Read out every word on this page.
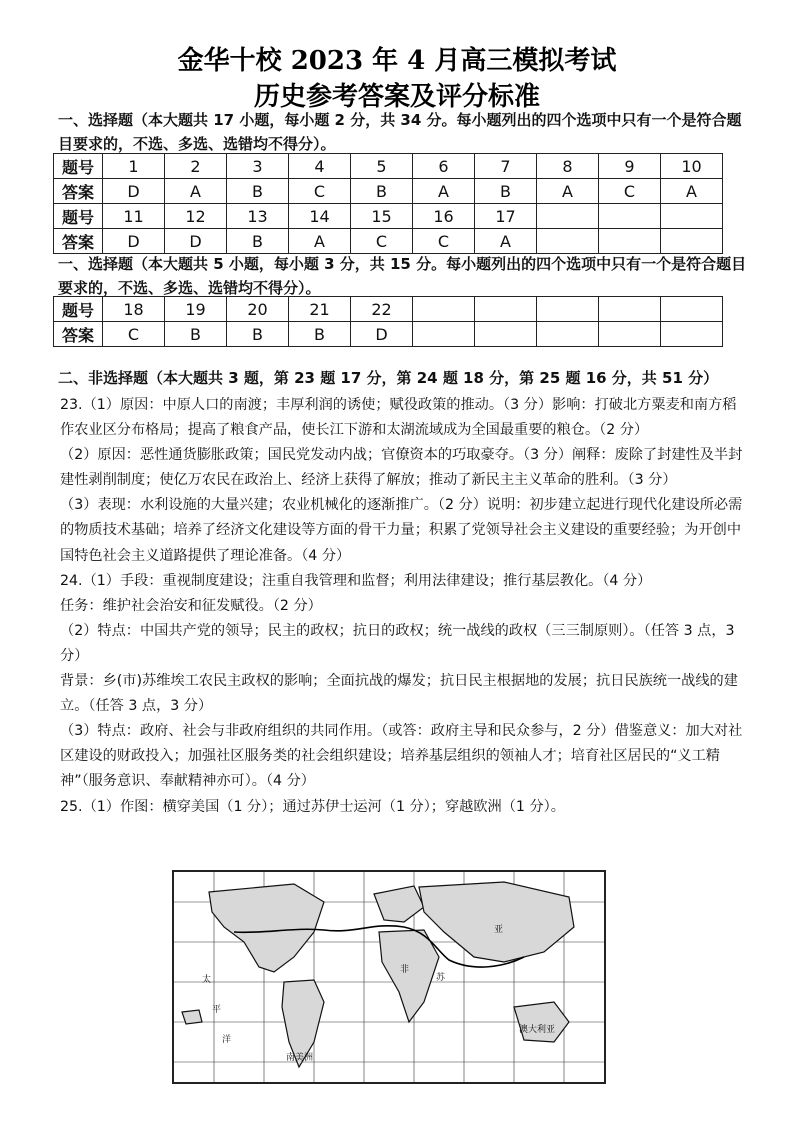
金华十校 2023 年 4 月高三模拟考试
历史参考答案及评分标准
一、选择题（本大题共 17 小题，每小题 2 分，共 34 分。每小题列出的四个选项中只有一个是符合题目要求的，不选、多选、选错均不得分）。
题号	1	2	3	4	5	6	7	8	9	10
答案	D	A	B	C	B	A	B	A	C	A
题号	11	12	13	14	15	16	17			
答案	D	D	B	A	C	C	A			
一、选择题（本大题共 5 小题，每小题 3 分，共 15 分。每小题列出的四个选项中只有一个是符合题目要求的，不选、多选、选错均不得分）。
题号	18	19	20	21	22					
答案	C	B	B	B	D					
二、非选择题（本大题共 3 题，第 23 题 17 分，第 24 题 18 分，第 25 题 16 分，共 51 分）

23.（1）原因：中原人口的南渡；丰厚利润的诱使；赋役政策的推动。（3 分）影响：打破北方粟麦和南方稻作农业区分布格局；提高了粮食产品，使长江下游和太湖流域成为全国最重要的粮仓。（2 分）

（2）原因：恶性通货膨胀政策；国民党发动内战；官僚资本的巧取豪夺。（3 分）阐释：废除了封建性及半封建性剥削制度；使亿万农民在政治上、经济上获得了解放；推动了新民主主义革命的胜利。（3 分）

（3）表现：水利设施的大量兴建；农业机械化的逐渐推广。（2 分）说明：初步建立起进行现代化建设所必需的物质技术基础；培养了经济文化建设等方面的骨干力量；积累了党领导社会主义建设的重要经验；为开创中国特色社会主义道路提供了理论准备。（4 分）

24.（1）手段：重视制度建设；注重自我管理和监督；利用法律建设；推行基层教化。（4 分）

任务：维护社会治安和征发赋役。（2 分）

（2）特点：中国共产党的领导；民主的政权；抗日的政权；统一战线的政权（三三制原则）。（任答 3 点，3 分）

背景：乡(市)苏维埃工农民主政权的影响；全面抗战的爆发；抗日民主根据地的发展；抗日民族统一战线的建立。（任答 3 点，3 分）

（3）特点：政府、社会与非政府组织的共同作用。（或答：政府主导和民众参与，2 分）借鉴意义：加大对社区建设的财政投入；加强社区服务类的社会组织建设；培养基层组织的领袖人才；培育社区居民的“义工精神”（服务意识、奉献精神亦可）。（4 分）

25.（1）作图：横穿美国（1 分）；通过苏伊士运河（1 分）；穿越欧洲（1 分）。

太
平
洋
南美洲
非
澳大利亚
苏
亚
